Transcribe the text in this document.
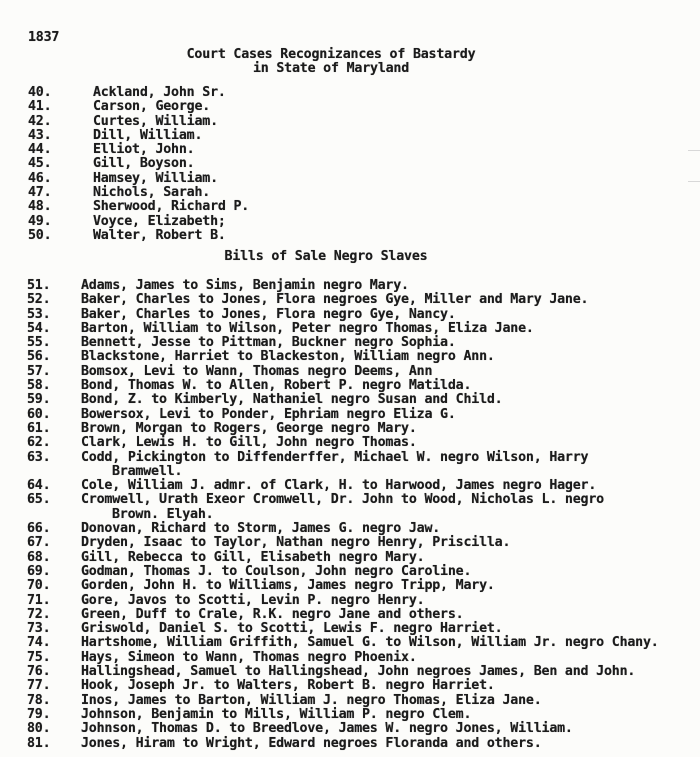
1837
Court Cases Recognizances of Bastardy
in State of Maryland
40.	Ackland, John Sr.
41.	Carson, George.
42.	Curtes, William.
43.	Dill, William.
44.	Elliot, John.
45.	Gill, Boyson.
46.	Hamsey, William.
47.	Nichols, Sarah.
48.	Sherwood, Richard P.
49.	Voyce, Elizabeth;
50.	Walter, Robert B.
Bills of Sale Negro Slaves
51.	Adams, James to Sims, Benjamin negro Mary.
52.	Baker, Charles to Jones, Flora negroes Gye, Miller and Mary Jane.
53.	Baker, Charles to Jones, Flora negro Gye, Nancy.
54.	Barton, William to Wilson, Peter negro Thomas, Eliza Jane.
55.	Bennett, Jesse to Pittman, Buckner negro Sophia.
56.	Blackstone, Harriet to Blackeston, William negro Ann.
57.	Bomsox, Levi to Wann, Thomas negro Deems, Ann
58.	Bond, Thomas W. to Allen, Robert P. negro Matilda.
59.	Bond, Z. to Kimberly, Nathaniel negro Susan and Child.
60.	Bowersox, Levi to Ponder, Ephriam negro Eliza G.
61.	Brown, Morgan to Rogers, George negro Mary.
62.	Clark, Lewis H. to Gill, John negro Thomas.
63.	Codd, Pickington to Diffenderffer, Michael W. negro Wilson, Harry
Bramwell.
64.	Cole, William J. admr. of Clark, H. to Harwood, James negro Hager.
65.	Cromwell, Urath Exeor Cromwell, Dr. John to Wood, Nicholas L. negro
Brown. Elyah.
66.	Donovan, Richard to Storm, James G. negro Jaw.
67.	Dryden, Isaac to Taylor, Nathan negro Henry, Priscilla.
68.	Gill, Rebecca to Gill, Elisabeth negro Mary.
69.	Godman, Thomas J. to Coulson, John negro Caroline.
70.	Gorden, John H. to Williams, James negro Tripp, Mary.
71.	Gore, Javos to Scotti, Levin P. negro Henry.
72.	Green, Duff to Crale, R.K. negro Jane and others.
73.	Griswold, Daniel S. to Scotti, Lewis F. negro Harriet.
74.	Hartshome, William Griffith, Samuel G. to Wilson, William Jr. negro Chany.
75.	Hays, Simeon to Wann, Thomas negro Phoenix.
76.	Hallingshead, Samuel to Hallingshead, John negroes James, Ben and John.
77.	Hook, Joseph Jr. to Walters, Robert B. negro Harriet.
78.	Inos, James to Barton, William J. negro Thomas, Eliza Jane.
79.	Johnson, Benjamin to Mills, William P. negro Clem.
80.	Johnson, Thomas D. to Breedlove, James W. negro Jones, William.
81.	Jones, Hiram to Wright, Edward negroes Floranda and others.
